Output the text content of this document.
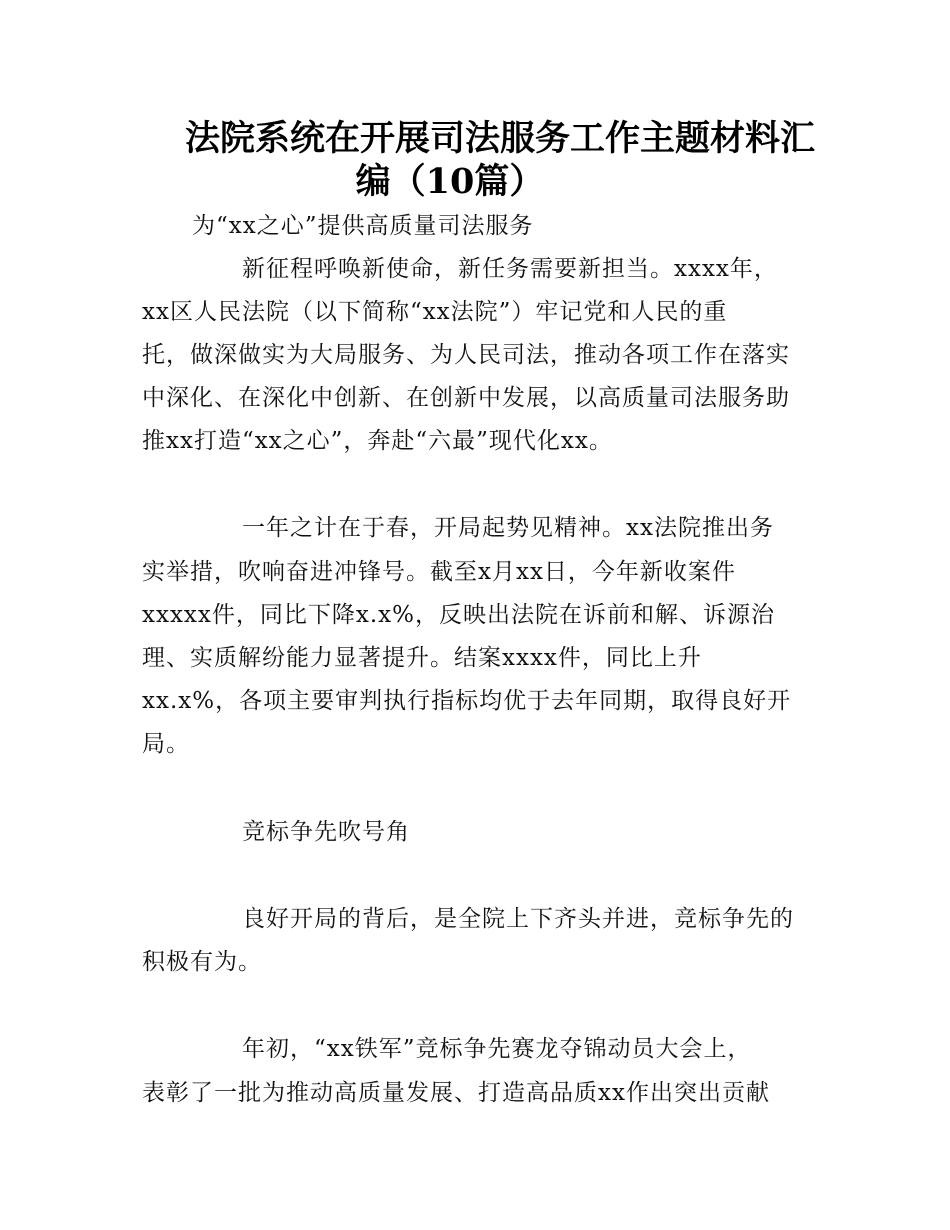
法院系统在开展司法服务工作主题材料汇
编（10篇）
为“xx之心”提供高质量司法服务
新征程呼唤新使命，新任务需要新担当。xxxx年，
xx区人民法院（以下简称“xx法院”）牢记党和人民的重
托，做深做实为大局服务、为人民司法，推动各项工作在落实
中深化、在深化中创新、在创新中发展，以高质量司法服务助
推xx打造“xx之心”，奔赴“六最”现代化xx。
一年之计在于春，开局起势见精神。xx法院推出务
实举措，吹响奋进冲锋号。截至x月xx日，今年新收案件
xxxxx件，同比下降x.x%，反映出法院在诉前和解、诉源治
理、实质解纷能力显著提升。结案xxxx件，同比上升
xx.x%，各项主要审判执行指标均优于去年同期，取得良好开
局。
竞标争先吹号角
良好开局的背后，是全院上下齐头并进，竞标争先的
积极有为。
年初，“xx铁军”竞标争先赛龙夺锦动员大会上，
表彰了一批为推动高质量发展、打造高品质xx作出突出贡献
